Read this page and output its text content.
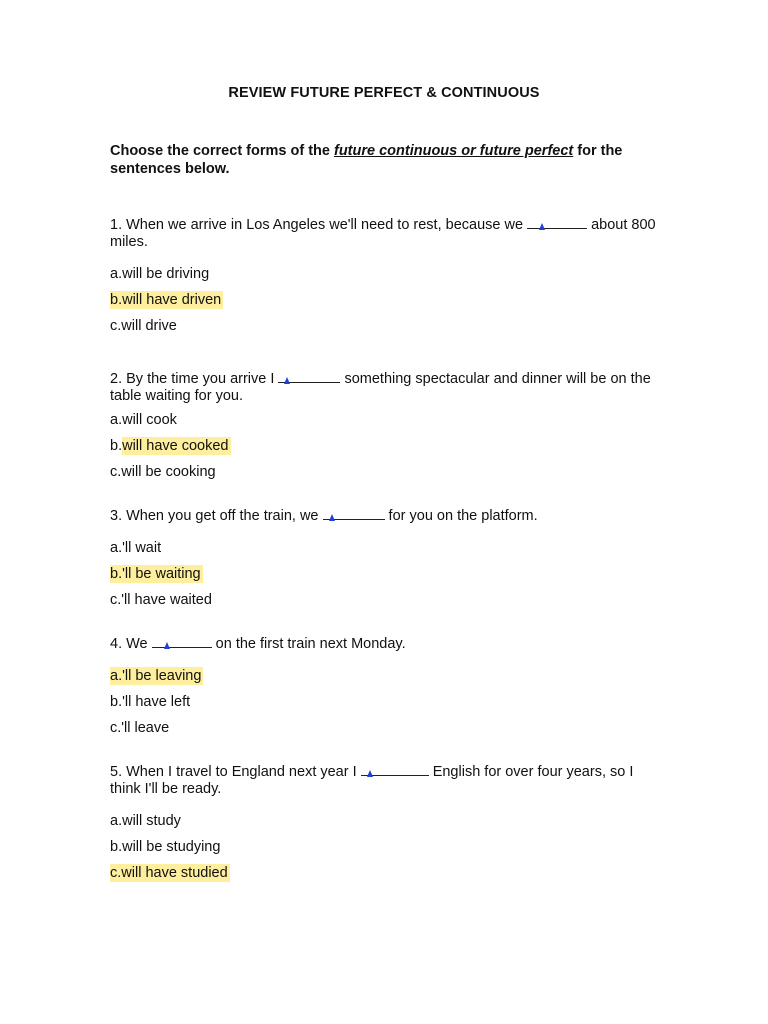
REVIEW FUTURE PERFECT & CONTINUOUS
Choose the correct forms of the future continuous or future perfect for the sentences below.
1. When we arrive in Los Angeles we'll need to rest, because we	about 800 miles.
a.will be driving
b.will have driven
c.will drive
2. By the time you arrive I	something spectacular and dinner will be on the table waiting for you.
a.will cook
b.will have cooked
c.will be cooking
3. When you get off the train, we	for you on the platform.
a.'ll wait
b.'ll be waiting
c.'ll have waited
4. We	on the first train next Monday.
a.'ll be leaving
b.'ll have left
c.'ll leave
5. When I travel to England next year I	English for over four years, so I think I'll be ready.
a.will study
b.will be studying
c.will have studied
